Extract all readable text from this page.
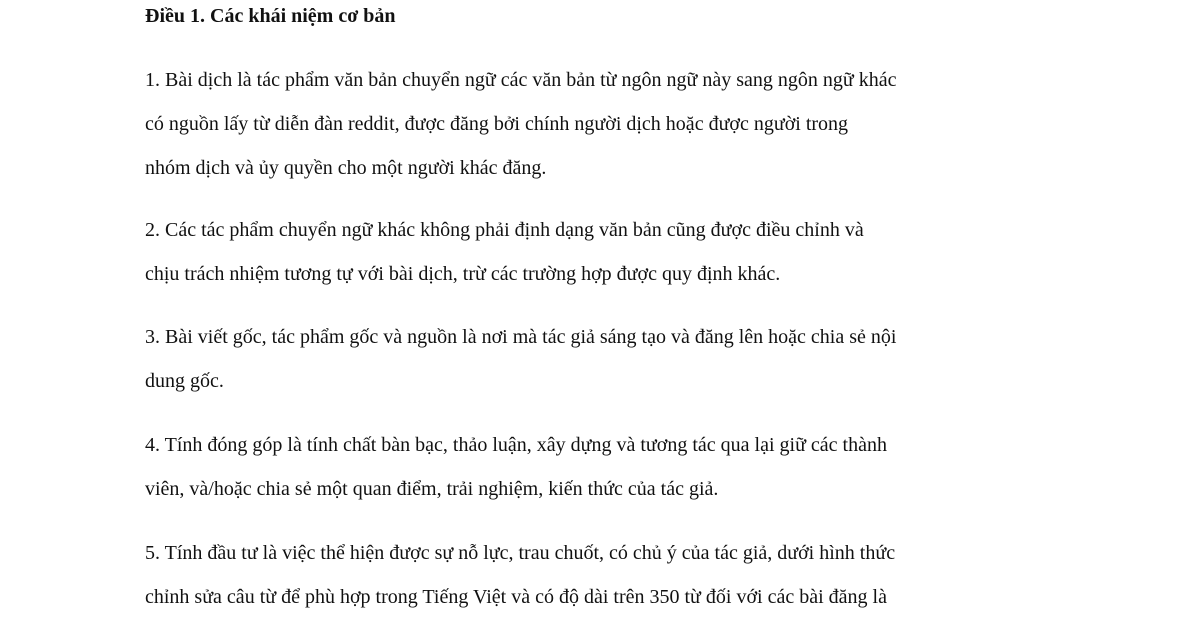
Điều 1. Các khái niệm cơ bản
1. Bài dịch là tác phẩm văn bản chuyển ngữ các văn bản từ ngôn ngữ này sang ngôn ngữ khác
có nguồn lấy từ diễn đàn reddit, được đăng bởi chính người dịch hoặc được người trong
nhóm dịch và ủy quyền cho một người khác đăng.
2. Các tác phẩm chuyển ngữ khác không phải định dạng văn bản cũng được điều chỉnh và
chịu trách nhiệm tương tự với bài dịch, trừ các trường hợp được quy định khác.
3. Bài viết gốc, tác phẩm gốc và nguồn là nơi mà tác giả sáng tạo và đăng lên hoặc chia sẻ nội
dung gốc.
4. Tính đóng góp là tính chất bàn bạc, thảo luận, xây dựng và tương tác qua lại giữ các thành
viên, và/hoặc chia sẻ một quan điểm, trải nghiệm, kiến thức của tác giả.
5. Tính đầu tư là việc thể hiện được sự nỗ lực, trau chuốt, có chủ ý của tác giả, dưới hình thức
chỉnh sửa câu từ để phù hợp trong Tiếng Việt và có độ dài trên 350 từ đối với các bài đăng là
